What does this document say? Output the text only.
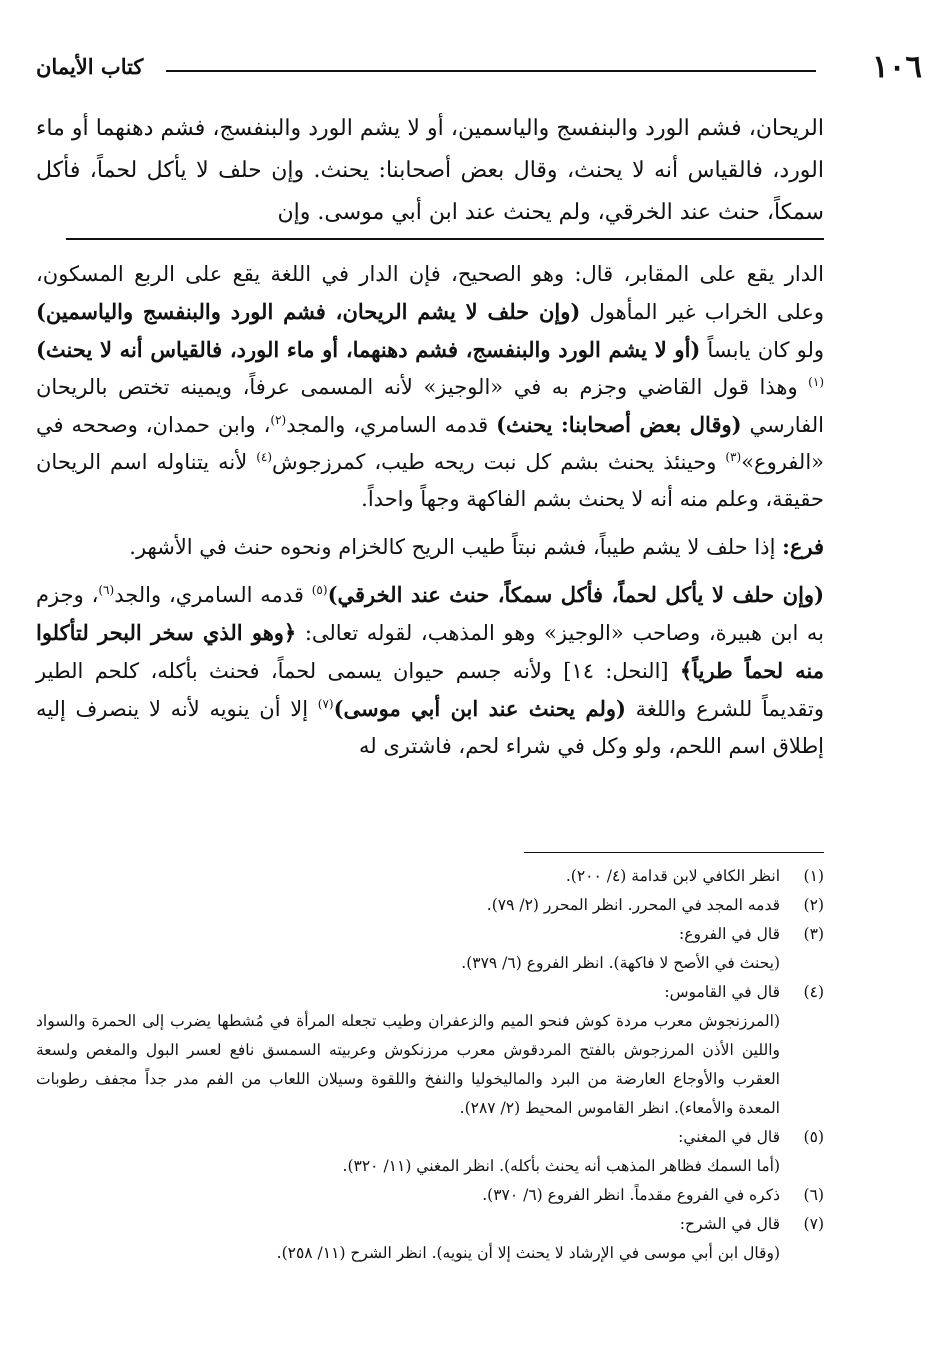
١٠٦
كتاب الأيمان

الريحان، فشم الورد والبنفسج والياسمين، أو لا يشم الورد والبنفسج، فشم دهنهما أو ماء الورد، فالقياس أنه لا يحنث، وقال بعض أصحابنا: يحنث. وإن حلف لا يأكل لحماً، فأكل سمكاً، حنث عند الخرقي، ولم يحنث عند ابن أبي موسى. وإن

الدار يقع على المقابر، قال: وهو الصحيح، فإن الدار في اللغة يقع على الربع المسكون، وعلى الخراب غير المأهول (وإن حلف لا يشم الريحان، فشم الورد والبنفسج والياسمين) ولو كان يابساً (أو لا يشم الورد والبنفسج، فشم دهنهما، أو ماء الورد، فالقياس أنه لا يحنث)$^{(١)}$ وهذا قول القاضي وجزم به في «الوجيز» لأنه المسمى عرفاً، ويمينه تختص بالريحان الفارسي (وقال بعض أصحابنا: يحنث) قدمه السامري، والمجد$^{(٢)}$، وابن حمدان، وصححه في «الفروع»$^{(٣)}$ وحينئذ يحنث بشم كل نبت ريحه طيب، كمرزجوش$^{(٤)}$ لأنه يتناوله اسم الريحان حقيقة، وعلم منه أنه لا يحنث بشم الفاكهة وجهاً واحداً.

فرع: إذا حلف لا يشم طيباً، فشم نبتاً طيب الريح كالخزام ونحوه حنث في الأشهر.

(وإن حلف لا يأكل لحماً، فأكل سمكاً، حنث عند الخرقي)$^{(٥)}$ قدمه السامري، والجد$^{(٦)}$، وجزم به ابن هبيرة، وصاحب «الوجيز» وهو المذهب، لقوله تعالى: ﴿وهو الذي سخر البحر لتأكلوا منه لحماً طرياً﴾ [النحل: ١٤] ولأنه جسم حيوان يسمى لحماً، فحنث بأكله، كلحم الطير وتقديماً للشرع واللغة (ولم يحنث عند ابن أبي موسى)$^{(٧)}$ إلا أن ينويه لأنه لا ينصرف إليه إطلاق اسم اللحم، ولو وكل في شراء لحم، فاشترى له

(١)
انظر الكافي لابن قدامة (٤/ ٢٠٠).
(٢)
قدمه المجد في المحرر. انظر المحرر (٢/ ٧٩).
(٣)
قال في الفروع:
(يحنث في الأصح لا فاكهة). انظر الفروع (٦/ ٣٧٩).
(٤)
قال في القاموس:
(المرزنجوش معرب مردة كوش فنحو الميم والزعفران وطيب تجعله المرأة في مُشطها يضرب إلى الحمرة والسواد واللين الأذن المرزجوش بالفتح المردقوش معرب مرزنكوش وعربيته السمسق نافع لعسر البول والمغص ولسعة العقرب والأوجاع العارضة من البرد والماليخوليا والنفخ واللقوة وسيلان اللعاب من الفم مدر جداً مجفف رطوبات المعدة والأمعاء). انظر القاموس المحيط (٢/ ٢٨٧).
(٥)
قال في المغني:
(أما السمك فظاهر المذهب أنه يحنث بأكله). انظر المغني (١١/ ٣٢٠).
(٦)
ذكره في الفروع مقدماً. انظر الفروع (٦/ ٣٧٠).
(٧)
قال في الشرح:
(وقال ابن أبي موسى في الإرشاد لا يحنث إلا أن ينويه). انظر الشرح (١١/ ٢٥٨).
